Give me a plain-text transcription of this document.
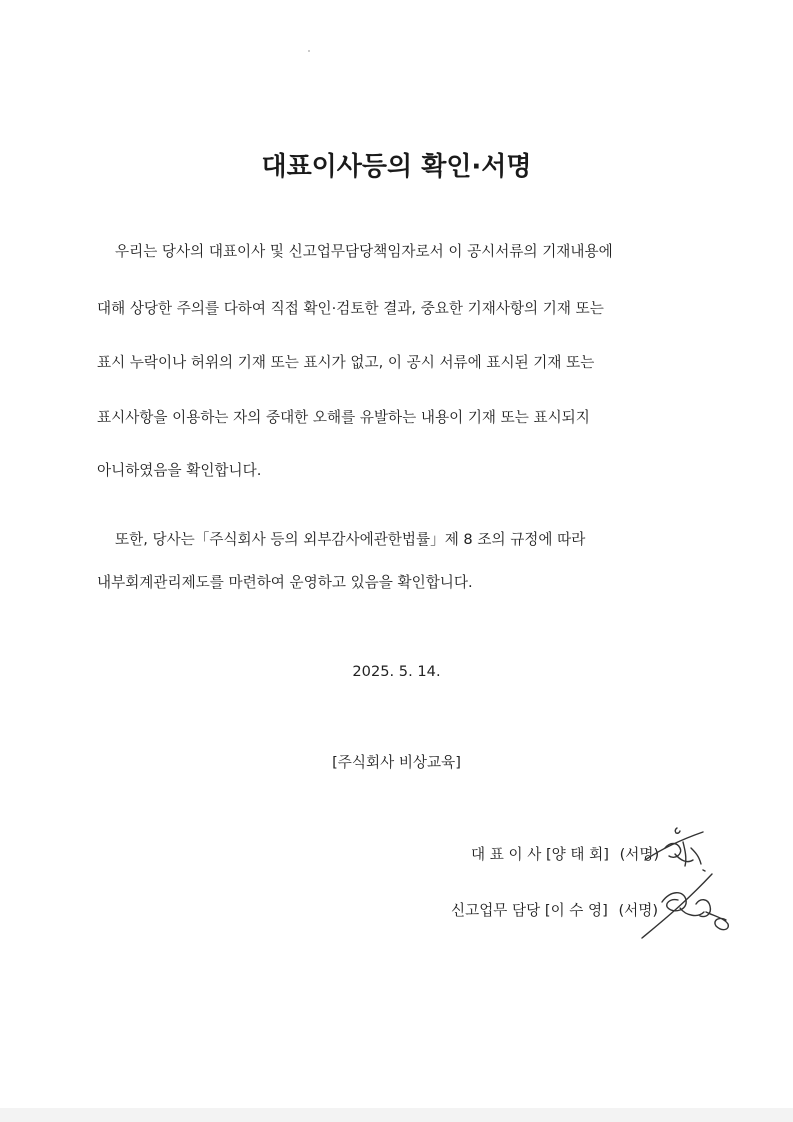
대표이사등의 확인·서명
우리는 당사의 대표이사 및 신고업무담당책임자로서 이 공시서류의 기재내용에
대해 상당한 주의를 다하여 직접 확인·검토한 결과, 중요한 기재사항의 기재 또는
표시 누락이나 허위의 기재 또는 표시가 없고, 이 공시 서류에 표시된 기재 또는
표시사항을 이용하는 자의 중대한 오해를 유발하는 내용이 기재 또는 표시되지
아니하였음을 확인합니다.
또한, 당사는「주식회사 등의 외부감사에관한법률」제 8 조의 규정에 따라
내부회계관리제도를 마련하여 운영하고 있음을 확인합니다.
2025. 5. 14.
[주식회사 비상교육]
대 표 이 사 [양 태 회] (서명)
신고업무 담당 [이 수 영] (서명)
